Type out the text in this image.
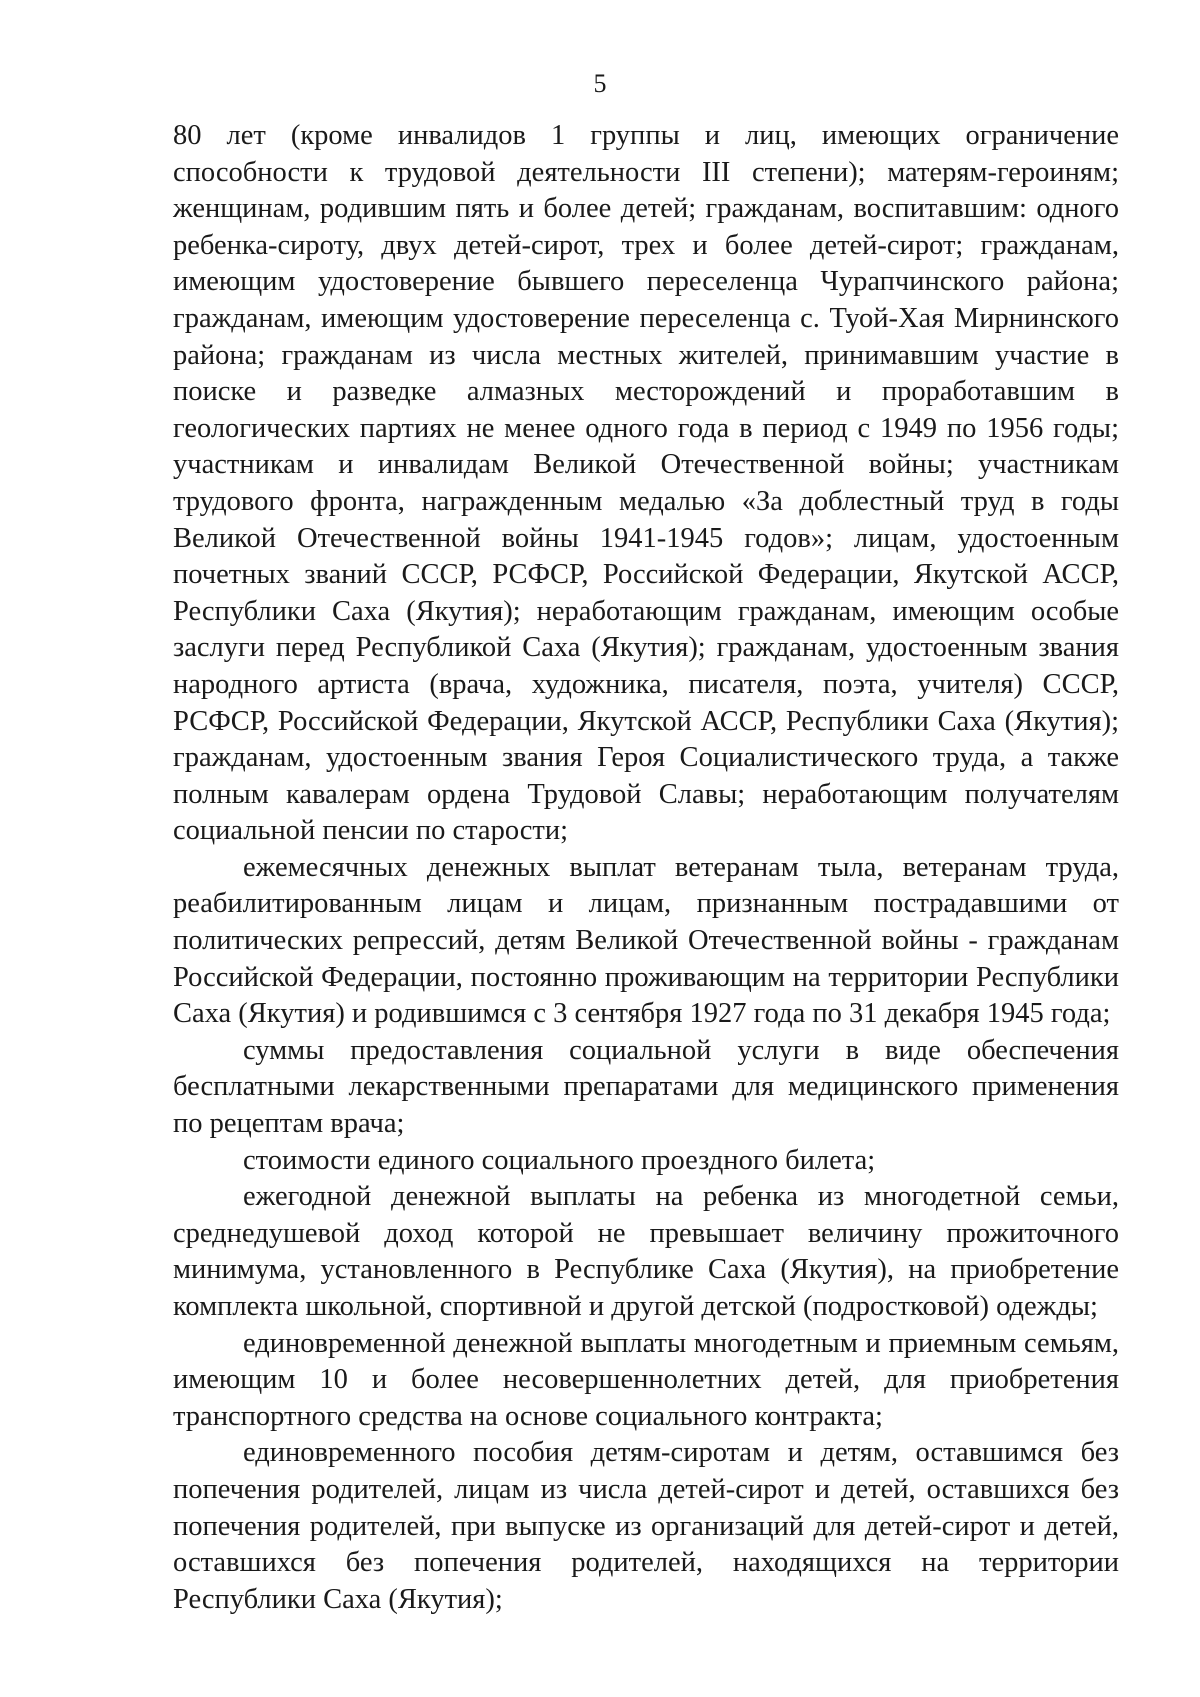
5

80 лет (кроме инвалидов 1 группы и лиц, имеющих ограничение способности к трудовой деятельности III степени); матерям-героиням; женщинам, родившим пять и более детей; гражданам, воспитавшим: одного ребенка-сироту, двух детей-сирот, трех и более детей-сирот; гражданам, имеющим удостоверение бывшего переселенца Чурапчинского района; гражданам, имеющим удостоверение переселенца с. Туой-Хая Мирнинского района; гражданам из числа местных жителей, принимавшим участие в поиске и разведке алмазных месторождений и проработавшим в геологических партиях не менее одного года в период с 1949 по 1956 годы; участникам и инвалидам Великой Отечественной войны; участникам трудового фронта, награжденным медалью «За доблестный труд в годы Великой Отечественной войны 1941-1945 годов»; лицам, удостоенным почетных званий СССР, РСФСР, Российской Федерации, Якутской АССР, Республики Саха (Якутия); неработающим гражданам, имеющим особые заслуги перед Республикой Саха (Якутия); гражданам, удостоенным звания народного артиста (врача, художника, писателя, поэта, учителя) СССР, РСФСР, Российской Федерации, Якутской АССР, Республики Саха (Якутия); гражданам, удостоенным звания Героя Социалистического труда, а также полным кавалерам ордена Трудовой Славы; неработающим получателям социальной пенсии по старости;

ежемесячных денежных выплат ветеранам тыла, ветеранам труда, реабилитированным лицам и лицам, признанным пострадавшими от политических репрессий, детям Великой Отечественной войны - гражданам Российской Федерации, постоянно проживающим на территории Республики Саха (Якутия) и родившимся с 3 сентября 1927 года по 31 декабря 1945 года;

суммы предоставления социальной услуги в виде обеспечения бесплатными лекарственными препаратами для медицинского применения по рецептам врача;

стоимости единого социального проездного билета;

ежегодной денежной выплаты на ребенка из многодетной семьи, среднедушевой доход которой не превышает величину прожиточного минимума, установленного в Республике Саха (Якутия), на приобретение комплекта школьной, спортивной и другой детской (подростковой) одежды;

единовременной денежной выплаты многодетным и приемным семьям, имеющим 10 и более несовершеннолетних детей, для приобретения транспортного средства на основе социального контракта;

единовременного пособия детям-сиротам и детям, оставшимся без попечения родителей, лицам из числа детей-сирот и детей, оставшихся без попечения родителей, при выпуске из организаций для детей-сирот и детей, оставшихся без попечения родителей, находящихся на территории Республики Саха (Якутия);
